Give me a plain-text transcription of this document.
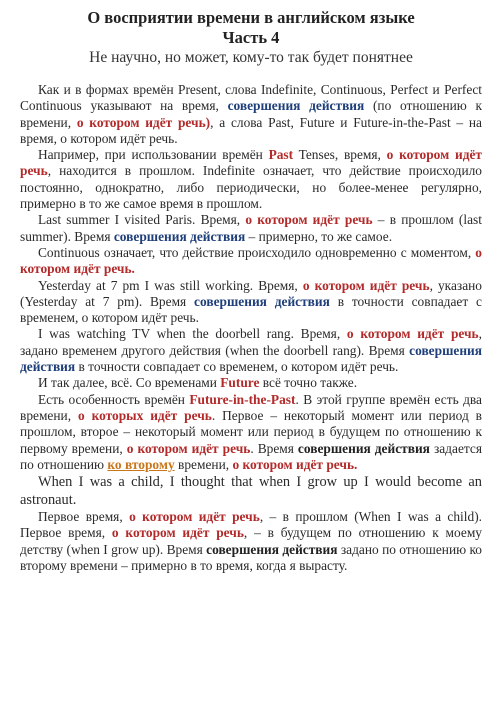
О восприятии времени в английском языке
Часть 4
Не научно, но может, кому-то так будет понятнее

Как и в формах времён Present, слова Indefinite, Continuous, Perfect и Perfect Continuous указывают на время, совершения действия (по отношению к времени, о котором идёт речь), а слова Past, Future и Future-in-the-Past – на время, о котором идёт речь.

Например, при использовании времён Past Tenses, время, о котором идёт речь, находится в прошлом. Indefinite означает, что действие происходило постоянно, однократно, либо периодически, но более-менее регулярно, примерно в то же самое время в прошлом.

Last summer I visited Paris. Время, о котором идёт речь – в прошлом (last summer). Время совершения действия – примерно, то же самое.

Continuous означает, что действие происходило одновременно с моментом, о котором идёт речь.

Yesterday at 7 pm I was still working. Время, о котором идёт речь, указано (Yesterday at 7 pm). Время совершения действия в точности совпадает с временем, о котором идёт речь.

I was watching TV when the doorbell rang. Время, о котором идёт речь, задано временем другого действия (when the doorbell rang). Время совершения действия в точности совпадает со временем, о котором идёт речь.

И так далее, всё. Со временами Future всё точно также.

Есть особенность времён Future-in-the-Past. В этой группе времён есть два времени, о которых идёт речь. Первое – некоторый момент или период в прошлом, второе – некоторый момент или период в будущем по отношению к первому времени, о котором идёт речь. Время совершения действия задается по отношению ко второму времени, о котором идёт речь.

When I was a child, I thought that when I grow up I would become an astronaut.

Первое время, о котором идёт речь, – в прошлом (When I was a child). Первое время, о котором идёт речь, – в будущем по отношению к моему детству (when I grow up). Время совершения действия задано по отношению ко второму времени – примерно в то время, когда я вырасту.
